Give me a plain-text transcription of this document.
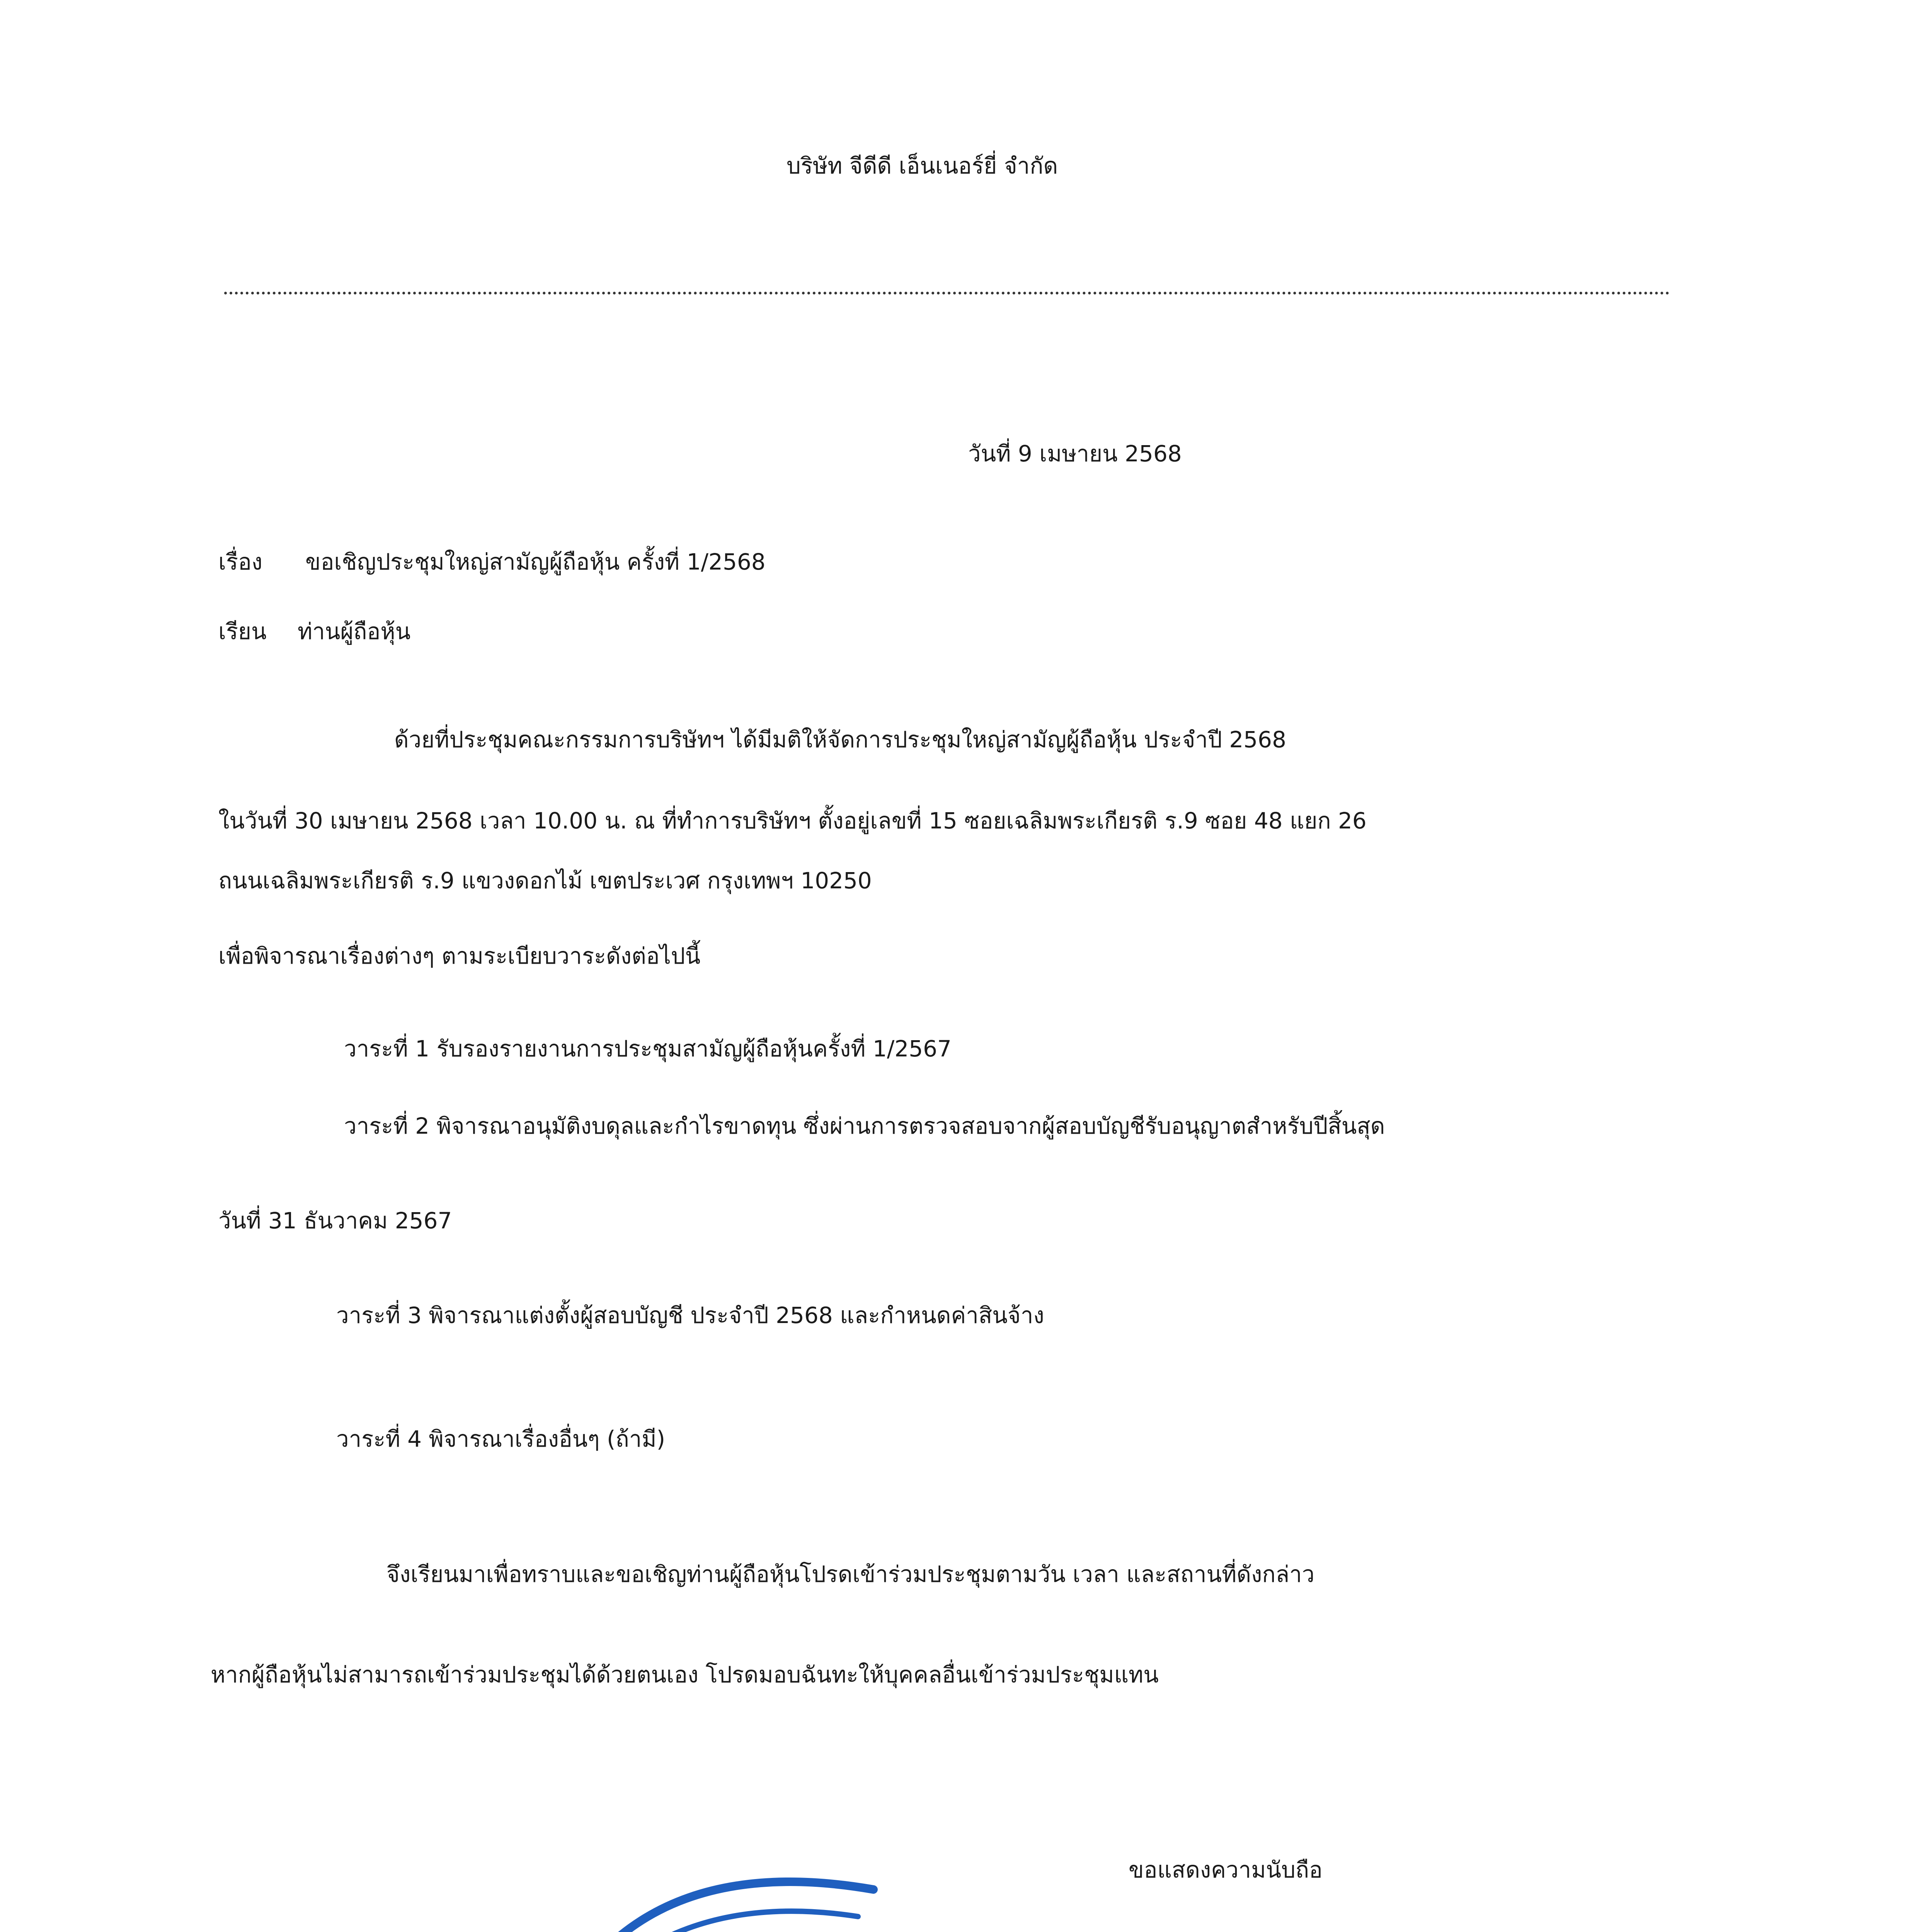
บริษัท จีดีดี เอ็นเนอร์ยี่ จำกัด
วันที่ 9 เมษายน 2568
เรื่อง ขอเชิญประชุมใหญ่สามัญผู้ถือหุ้น ครั้งที่ 1/2568
เรียน ท่านผู้ถือหุ้น
ด้วยที่ประชุมคณะกรรมการบริษัทฯ ได้มีมติให้จัดการประชุมใหญ่สามัญผู้ถือหุ้น ประจำปี 2568
ในวันที่ 30 เมษายน 2568 เวลา 10.00 น. ณ ที่ทำการบริษัทฯ ตั้งอยู่เลขที่ 15 ซอยเฉลิมพระเกียรติ ร.9 ซอย 48 แยก 26
ถนนเฉลิมพระเกียรติ ร.9 แขวงดอกไม้ เขตประเวศ กรุงเทพฯ 10250
เพื่อพิจารณาเรื่องต่างๆ ตามระเบียบวาระดังต่อไปนี้
วาระที่ 1 รับรองรายงานการประชุมสามัญผู้ถือหุ้นครั้งที่ 1/2567
วาระที่ 2 พิจารณาอนุมัติงบดุลและกำไรขาดทุน ซึ่งผ่านการตรวจสอบจากผู้สอบบัญชีรับอนุญาตสำหรับปีสิ้นสุด
วันที่ 31 ธันวาคม 2567
วาระที่ 3 พิจารณาแต่งตั้งผู้สอบบัญชี ประจำปี 2568 และกำหนดค่าสินจ้าง
วาระที่ 4 พิจารณาเรื่องอื่นๆ (ถ้ามี)
จึงเรียนมาเพื่อทราบและขอเชิญท่านผู้ถือหุ้นโปรดเข้าร่วมประชุมตามวัน เวลา และสถานที่ดังกล่าว
หากผู้ถือหุ้นไม่สามารถเข้าร่วมประชุมได้ด้วยตนเอง โปรดมอบฉันทะให้บุคคลอื่นเข้าร่วมประชุมแทน
ขอแสดงความนับถือ
